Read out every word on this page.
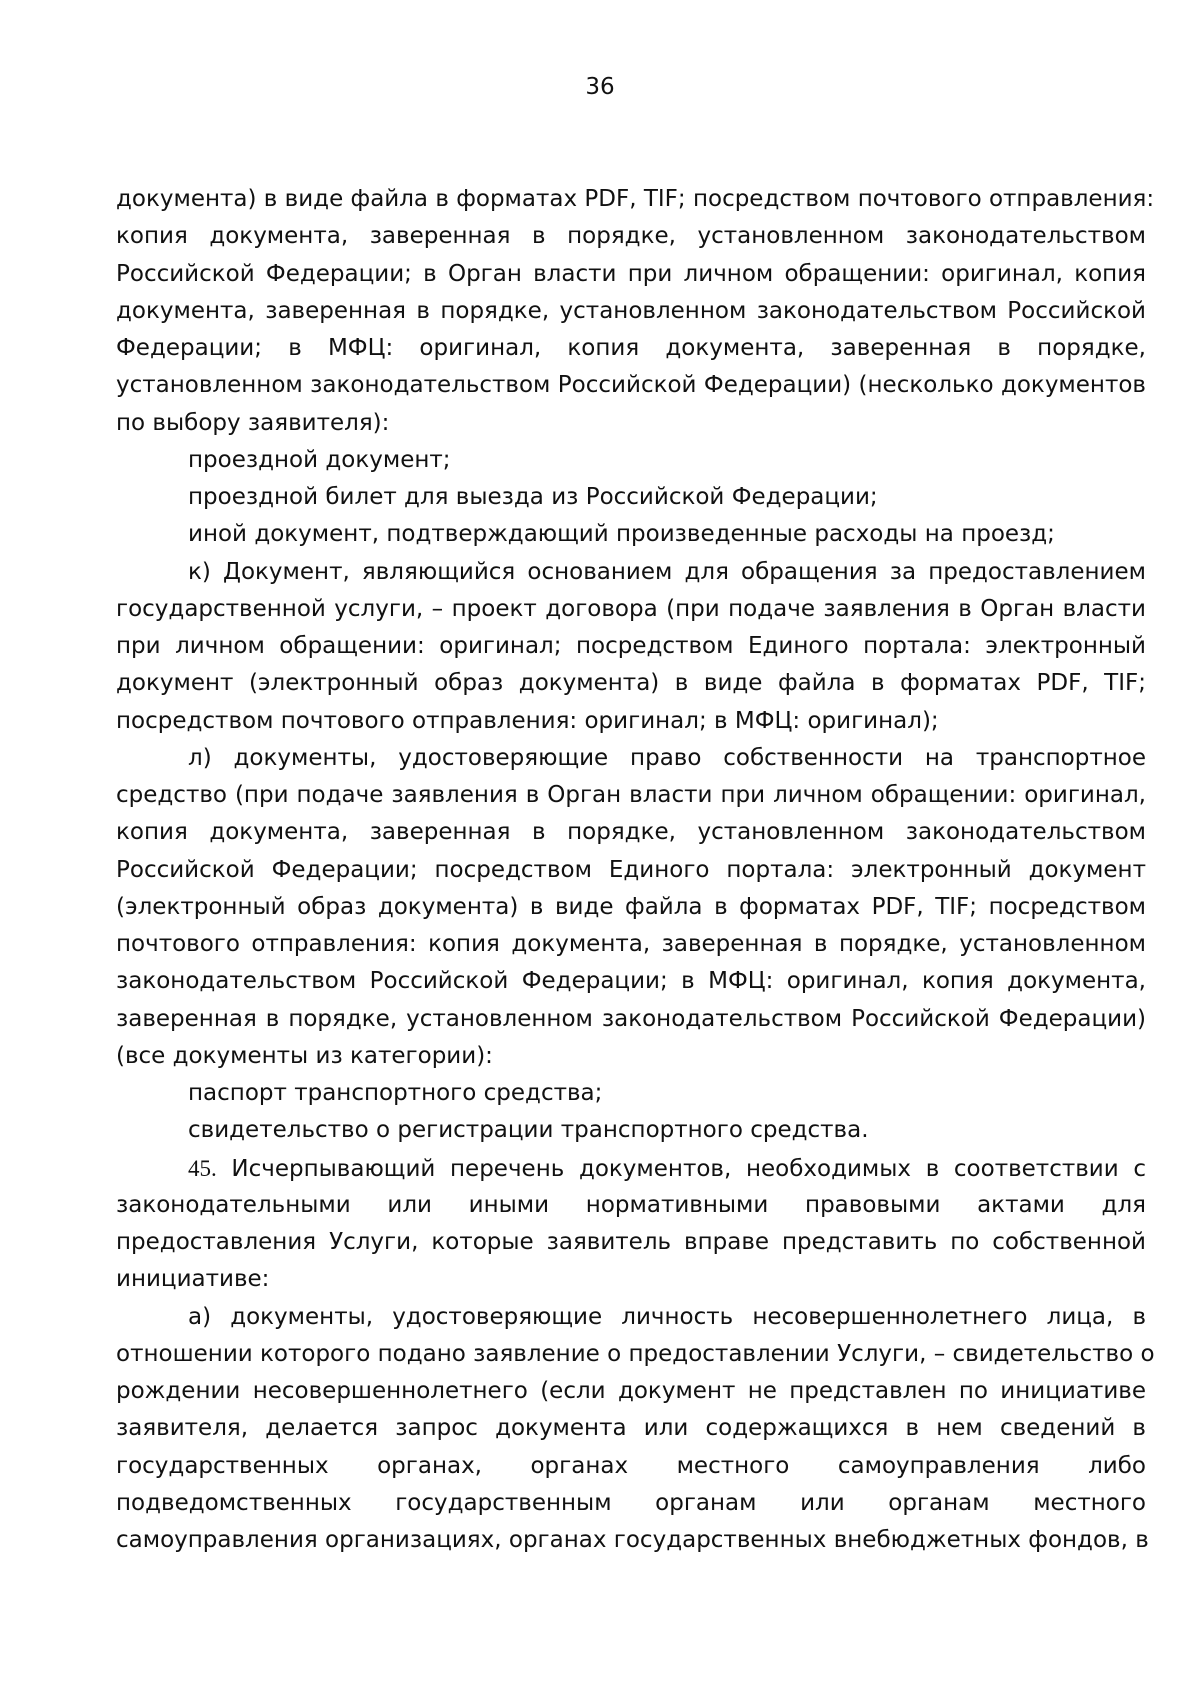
36
документа) в виде файла в форматах PDF, TIF; посредством почтового отправления:
копия документа, заверенная в порядке, установленном законодательством
Российской Федерации; в Орган власти при личном обращении: оригинал, копия
документа, заверенная в порядке, установленном законодательством Российской
Федерации; в МФЦ: оригинал, копия документа, заверенная в порядке,
установленном законодательством Российской Федерации) (несколько документов
по выбору заявителя):
проездной документ;
проездной билет для выезда из Российской Федерации;
иной документ, подтверждающий произведенные расходы на проезд;
к) Документ, являющийся основанием для обращения за предоставлением
государственной услуги, – проект договора (при подаче заявления в Орган власти
при личном обращении: оригинал; посредством Единого портала: электронный
документ (электронный образ документа) в виде файла в форматах PDF, TIF;
посредством почтового отправления: оригинал; в МФЦ: оригинал);
л) документы, удостоверяющие право собственности на транспортное
средство (при подаче заявления в Орган власти при личном обращении: оригинал,
копия документа, заверенная в порядке, установленном законодательством
Российской Федерации; посредством Единого портала: электронный документ
(электронный образ документа) в виде файла в форматах PDF, TIF; посредством
почтового отправления: копия документа, заверенная в порядке, установленном
законодательством Российской Федерации; в МФЦ: оригинал, копия документа,
заверенная в порядке, установленном законодательством Российской Федерации)
(все документы из категории):
паспорт транспортного средства;
свидетельство о регистрации транспортного средства.
45. Исчерпывающий перечень документов, необходимых в соответствии с
законодательными или иными нормативными правовыми актами для
предоставления Услуги, которые заявитель вправе представить по собственной
инициативе:
а) документы, удостоверяющие личность несовершеннолетнего лица, в
отношении которого подано заявление о предоставлении Услуги, – свидетельство о
рождении несовершеннолетнего (если документ не представлен по инициативе
заявителя, делается запрос документа или содержащихся в нем сведений в
государственных органах, органах местного самоуправления либо
подведомственных государственным органам или органам местного
самоуправления организациях, органах государственных внебюджетных фондов, в
